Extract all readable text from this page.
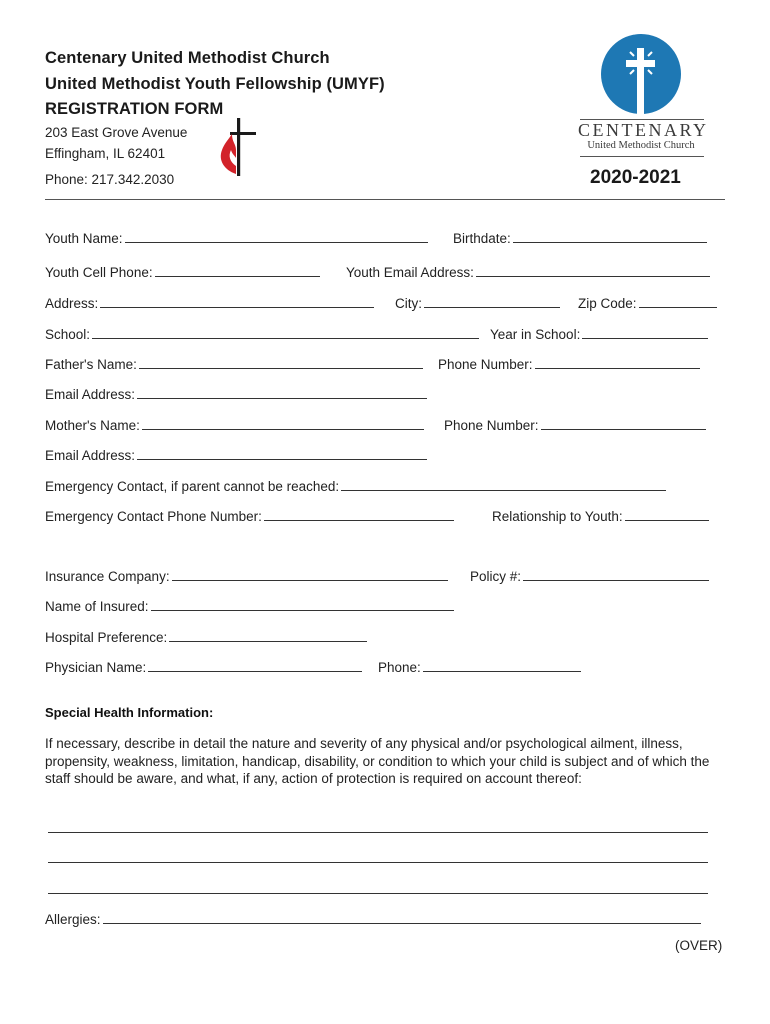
Centenary United Methodist Church
United Methodist Youth Fellowship (UMYF)
REGISTRATION FORM
203 East Grove Avenue
Effingham, IL 62401
Phone: 217.342.2030
CENTENARY
United Methodist Church
2020-2021
Youth Name:	Birthdate:
Youth Cell Phone:	Youth Email Address:
Address:	City:	Zip Code:
School:	Year in School:
Father's Name:	Phone Number:
Email Address:
Mother's Name:	Phone Number:
Email Address:
Emergency Contact, if parent cannot be reached:
Emergency Contact Phone Number:	Relationship to Youth:
Insurance Company:	Policy #:
Name of Insured:
Hospital Preference:
Physician Name:	Phone:
Special Health Information:
If necessary, describe in detail the nature and severity of any physical and/or psychological ailment, illness, propensity, weakness, limitation, handicap, disability, or condition to which your child is subject and of which the staff should be aware, and what, if any, action of protection is required on account thereof:
Allergies:
(OVER)
